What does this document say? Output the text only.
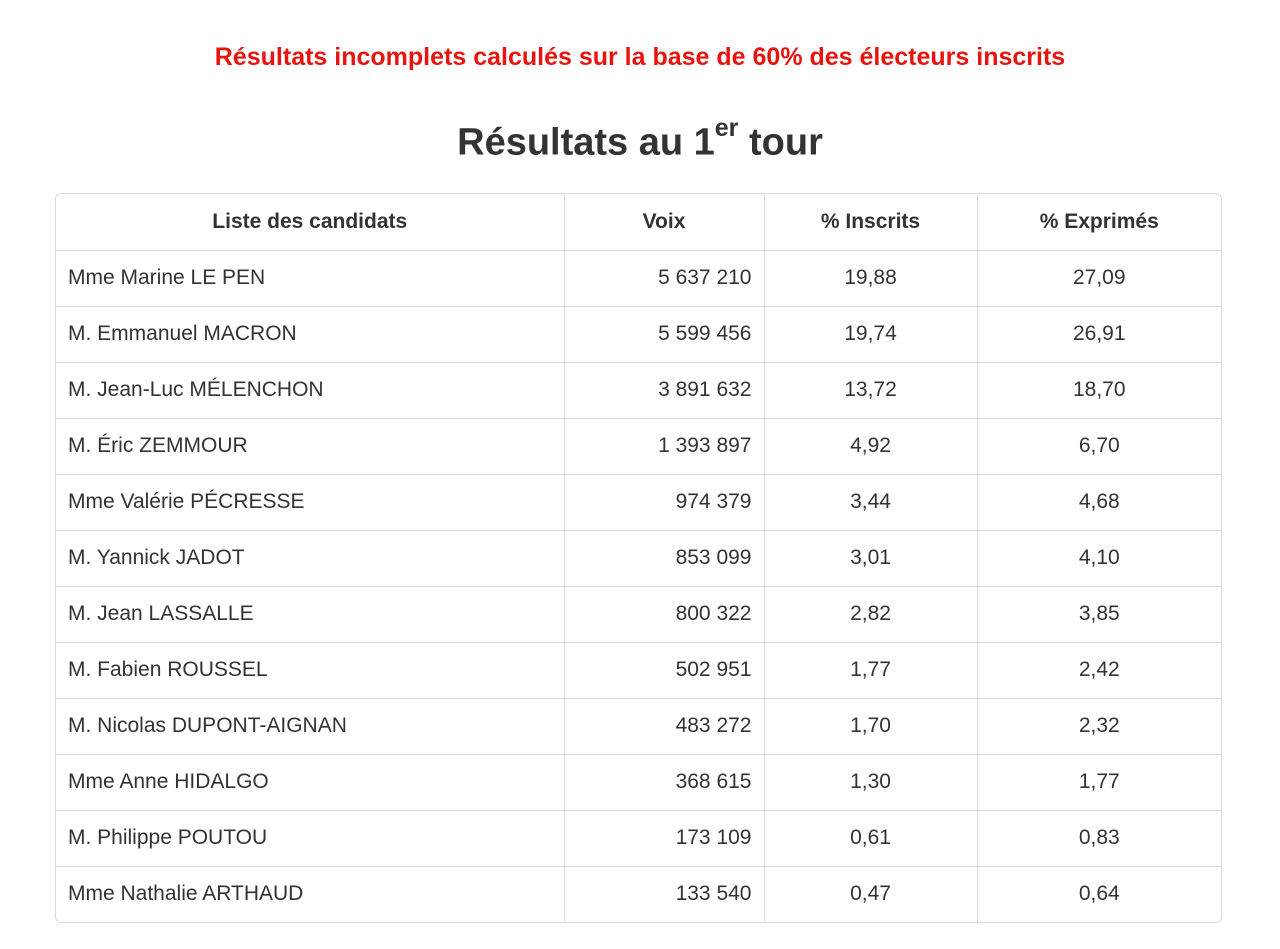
Résultats incomplets calculés sur la base de 60% des électeurs inscrits
Résultats au 1er tour
Liste des candidats	Voix	% Inscrits	% Exprimés
Mme Marine LE PEN	5 637 210	19,88	27,09
M. Emmanuel MACRON	5 599 456	19,74	26,91
M. Jean-Luc MÉLENCHON	3 891 632	13,72	18,70
M. Éric ZEMMOUR	1 393 897	4,92	6,70
Mme Valérie PÉCRESSE	974 379	3,44	4,68
M. Yannick JADOT	853 099	3,01	4,10
M. Jean LASSALLE	800 322	2,82	3,85
M. Fabien ROUSSEL	502 951	1,77	2,42
M. Nicolas DUPONT-AIGNAN	483 272	1,70	2,32
Mme Anne HIDALGO	368 615	1,30	1,77
M. Philippe POUTOU	173 109	0,61	0,83
Mme Nathalie ARTHAUD	133 540	0,47	0,64
